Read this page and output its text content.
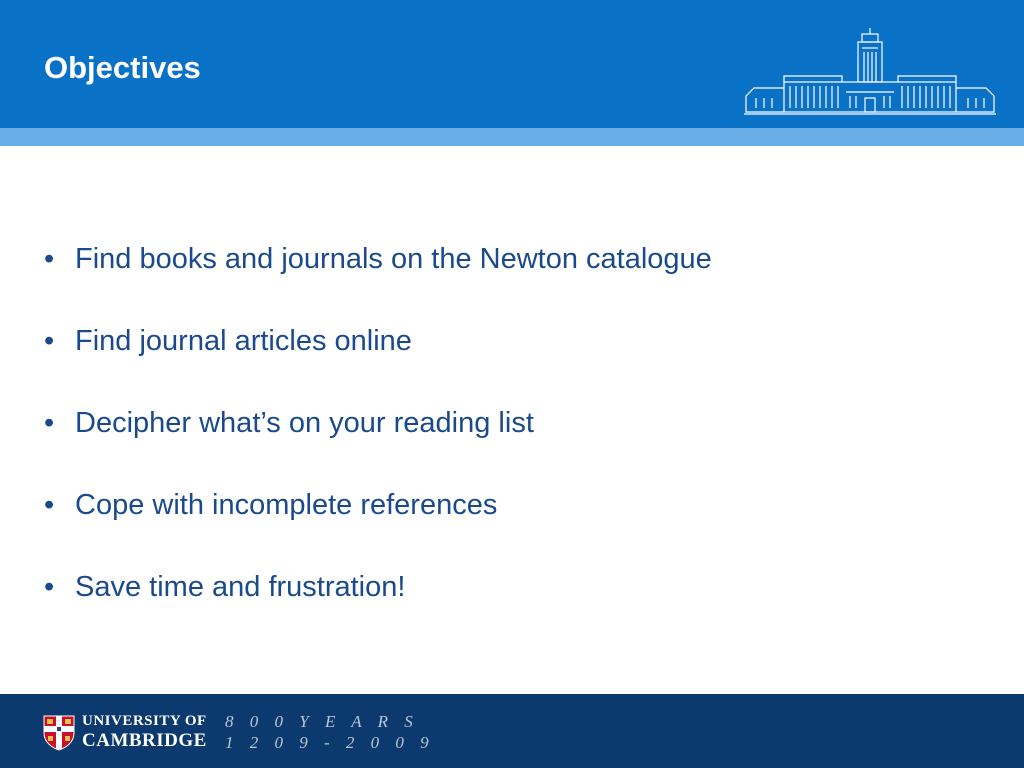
Objectives
• Find books and journals on the Newton catalogue
• Find journal articles online
• Decipher what’s on your reading list
• Cope with incomplete references
• Save time and frustration!
UNIVERSITY OF
CAMBRIDGE
8 0 0 Y E A R S
1 2 0 9 - 2 0 0 9
